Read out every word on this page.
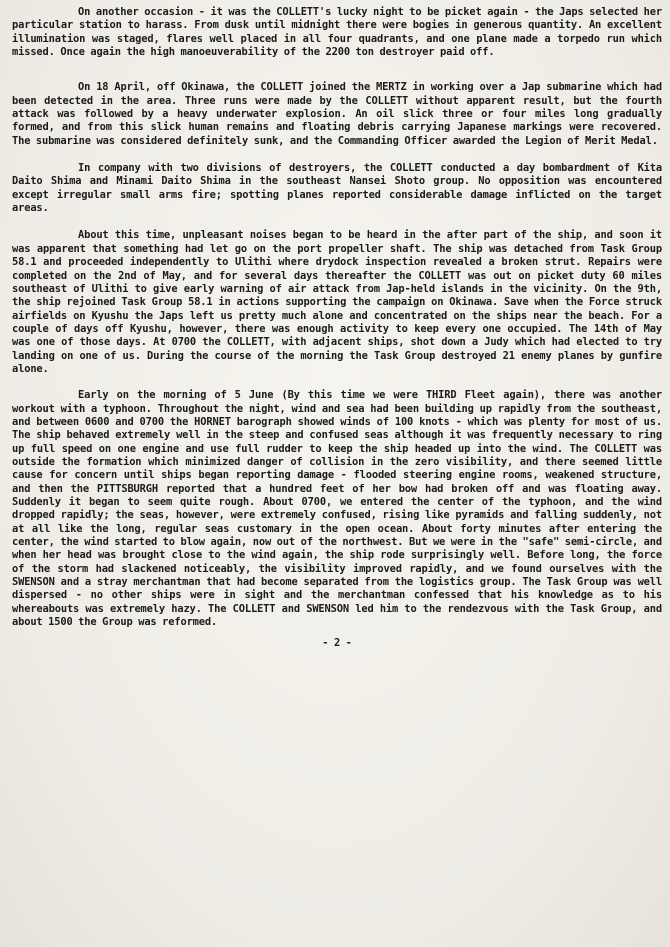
On another occasion - it was the COLLETT's lucky night to be picket again - the Japs selected her particular station to harass. From dusk until midnight there were bogies in generous quantity. An excellent illumination was staged, flares well placed in all four quadrants, and one plane made a torpedo run which missed. Once again the high manoeuverability of the 2200 ton destroyer paid off.

On 18 April, off Okinawa, the COLLETT joined the MERTZ in working over a Jap submarine which had been detected in the area. Three runs were made by the COLLETT without apparent result, but the fourth attack was followed by a heavy underwater explosion. An oil slick three or four miles long gradually formed, and from this slick human remains and floating debris carrying Japanese markings were recovered. The submarine was considered definitely sunk, and the Commanding Officer awarded the Legion of Merit Medal.

In company with two divisions of destroyers, the COLLETT conducted a day bombardment of Kita Daito Shima and Minami Daito Shima in the southeast Nansei Shoto group. No opposition was encountered except irregular small arms fire; spotting planes reported considerable damage inflicted on the target areas.

About this time, unpleasant noises began to be heard in the after part of the ship, and soon it was apparent that something had let go on the port propeller shaft. The ship was detached from Task Group 58.1 and proceeded independently to Ulithi where drydock inspection revealed a broken strut. Repairs were completed on the 2nd of May, and for several days thereafter the COLLETT was out on picket duty 60 miles southeast of Ulithi to give early warning of air attack from Jap-held islands in the vicinity. On the 9th, the ship rejoined Task Group 58.1 in actions supporting the campaign on Okinawa. Save when the Force struck airfields on Kyushu the Japs left us pretty much alone and concentrated on the ships near the beach. For a couple of days off Kyushu, however, there was enough activity to keep every one occupied. The 14th of May was one of those days. At 0700 the COLLETT, with adjacent ships, shot down a Judy which had elected to try landing on one of us. During the course of the morning the Task Group destroyed 21 enemy planes by gunfire alone.

Early on the morning of 5 June (By this time we were THIRD Fleet again), there was another workout with a typhoon. Throughout the night, wind and sea had been building up rapidly from the southeast, and between 0600 and 0700 the HORNET barograph showed winds of 100 knots - which was plenty for most of us. The ship behaved extremely well in the steep and confused seas although it was frequently necessary to ring up full speed on one engine and use full rudder to keep the ship headed up into the wind. The COLLETT was outside the formation which minimized danger of collision in the zero visibility, and there seemed little cause for concern until ships began reporting damage - flooded steering engine rooms, weakened structure, and then the PITTSBURGH reported that a hundred feet of her bow had broken off and was floating away. Suddenly it began to seem quite rough. About 0700, we entered the center of the typhoon, and the wind dropped rapidly; the seas, however, were extremely confused, rising like pyramids and falling suddenly, not at all like the long, regular seas customary in the open ocean. About forty minutes after entering the center, the wind started to blow again, now out of the northwest. But we were in the "safe" semi-circle, and when her head was brought close to the wind again, the ship rode surprisingly well. Before long, the force of the storm had slackened noticeably, the visibility improved rapidly, and we found ourselves with the SWENSON and a stray merchantman that had become separated from the logistics group. The Task Group was well dispersed - no other ships were in sight and the merchantman confessed that his knowledge as to his whereabouts was extremely hazy. The COLLETT and SWENSON led him to the rendezvous with the Task Group, and about 1500 the Group was reformed.

- 2 -
